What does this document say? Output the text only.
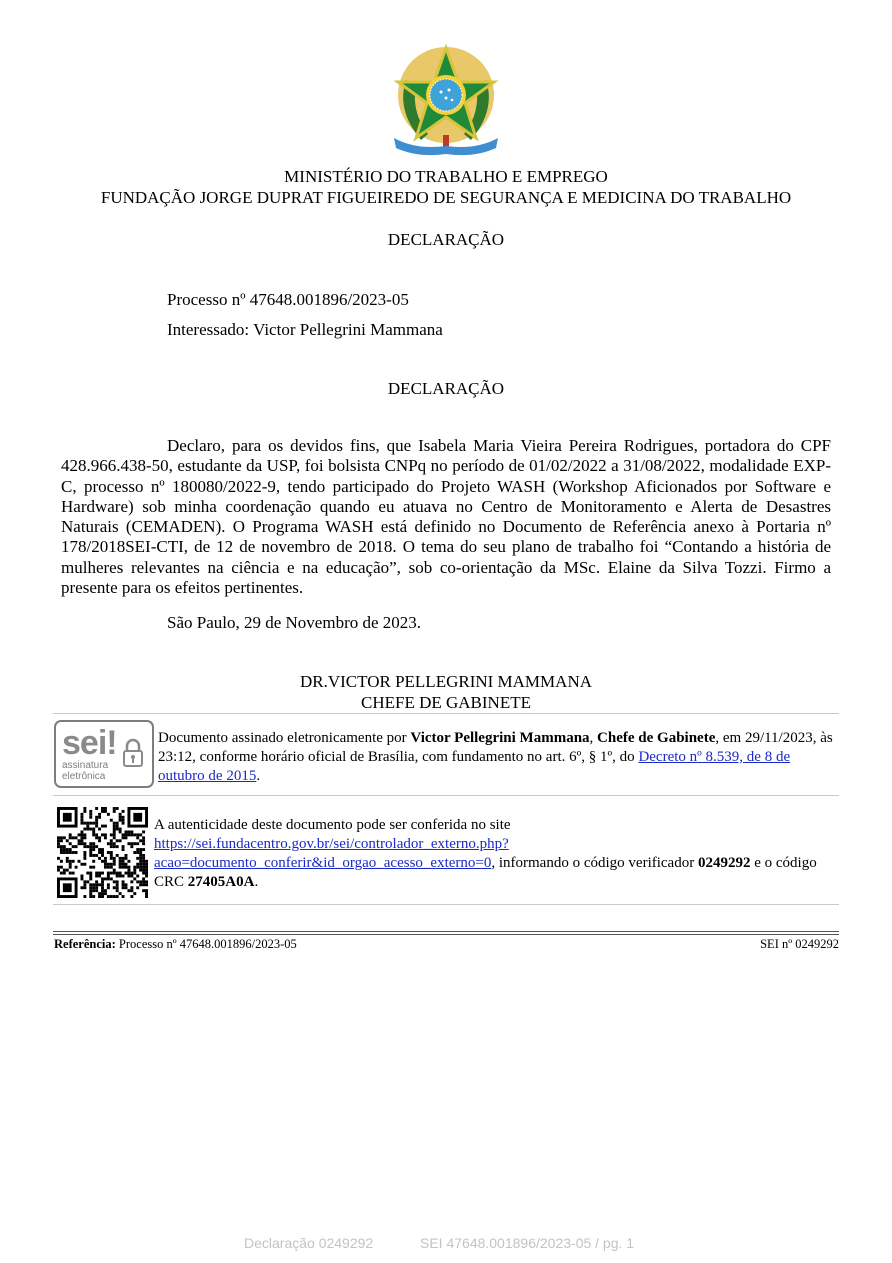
MINISTÉRIO DO TRABALHO E EMPREGO
FUNDAÇÃO JORGE DUPRAT FIGUEIREDO DE SEGURANÇA E MEDICINA DO TRABALHO
DECLARAÇÃO
Processo nº 47648.001896/2023-05
Interessado: Victor Pellegrini Mammana
DECLARAÇÃO
Declaro, para os devidos fins, que Isabela Maria Vieira Pereira Rodrigues, portadora do CPF 428.966.438-50, estudante da USP, foi bolsista CNPq no período de 01/02/2022 a 31/08/2022, modalidade EXP-C, processo nº 180080/2022-9, tendo participado do Projeto WASH (Workshop Aficionados por Software e Hardware) sob minha coordenação quando eu atuava no Centro de Monitoramento e Alerta de Desastres Naturais (CEMADEN). O Programa WASH está definido no Documento de Referência anexo à Portaria nº 178/2018SEI-CTI, de 12 de novembro de 2018. O tema do seu plano de trabalho foi “Contando a história de mulheres relevantes na ciência e na educação”, sob co-orientação da MSc. Elaine da Silva Tozzi. Firmo a presente para os efeitos pertinentes.
São Paulo, 29 de Novembro de 2023.
DR.VICTOR PELLEGRINI MAMMANA
CHEFE DE GABINETE
sei!
assinatura
eletrônica
Documento assinado eletronicamente por Victor Pellegrini Mammana, Chefe de Gabinete, em 29/11/2023, às 23:12, conforme horário oficial de Brasília, com fundamento no art. 6º, § 1º, do Decreto nº 8.539, de 8 de outubro de 2015.
A autenticidade deste documento pode ser conferida no site
https://sei.fundacentro.gov.br/sei/controlador_externo.php?
acao=documento_conferir&id_orgao_acesso_externo=0, informando o código verificador 0249292 e o código CRC 27405A0A.
Referência: Processo nº 47648.001896/2023-05	SEI nº 0249292
Declaração 0249292	SEI 47648.001896/2023-05 / pg. 1
